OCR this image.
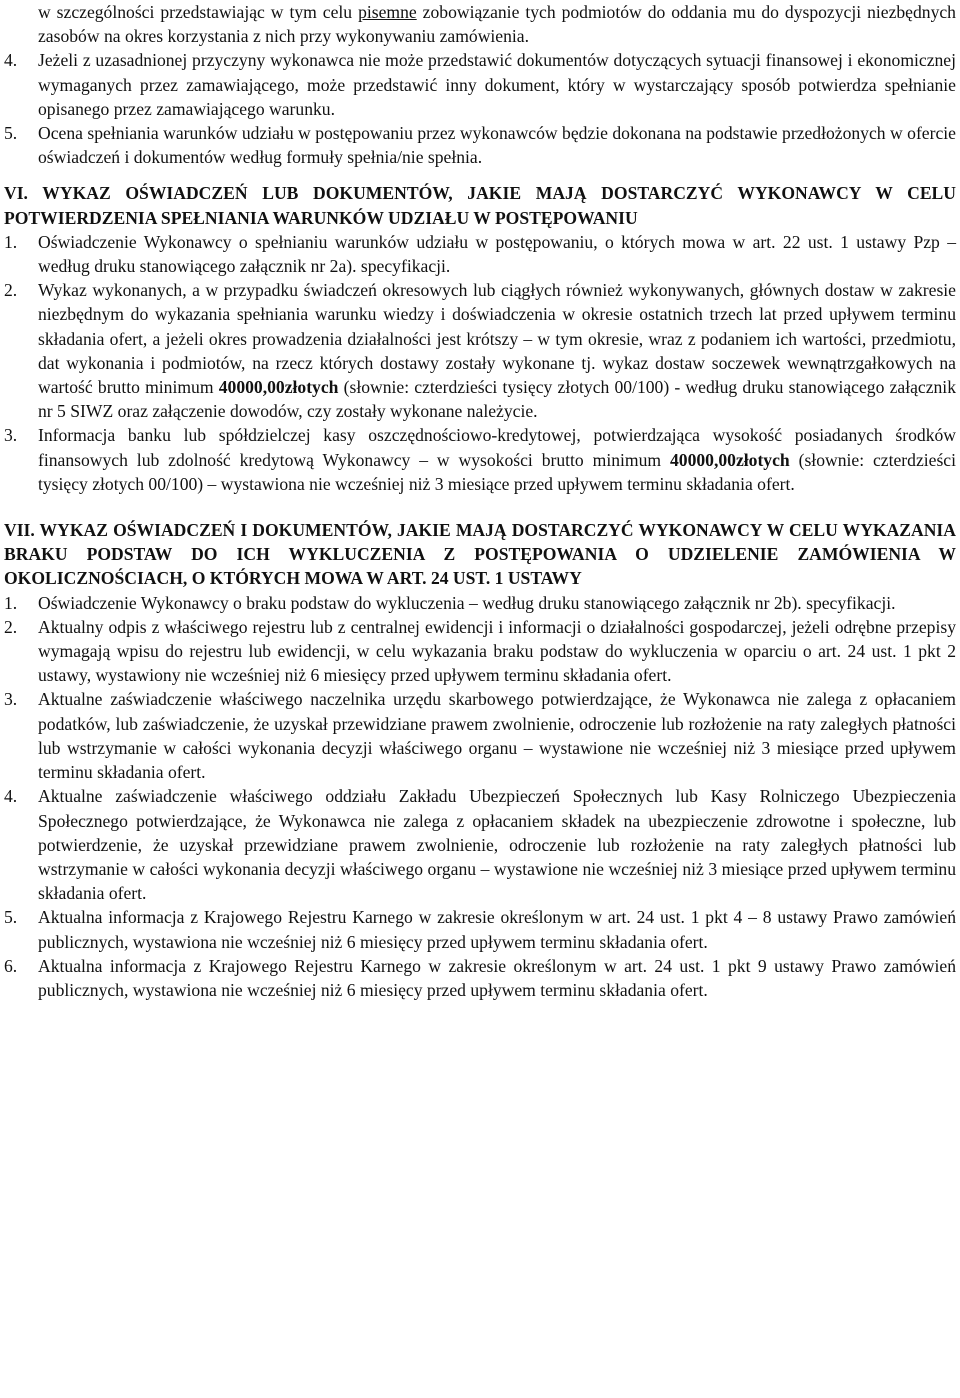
w szczególności przedstawiając w tym celu pisemne zobowiązanie tych podmiotów do oddania mu do dyspozycji niezbędnych zasobów na okres korzystania z nich przy wykonywaniu zamówienia.
4.	Jeżeli z uzasadnionej przyczyny wykonawca nie może przedstawić dokumentów dotyczących sytuacji finansowej i ekonomicznej wymaganych przez zamawiającego, może przedstawić inny dokument, który w wystarczający sposób potwierdza spełnianie opisanego przez zamawiającego warunku.
5.	Ocena spełniania warunków udziału w postępowaniu przez wykonawców będzie dokonana na podstawie przedłożonych w ofercie oświadczeń i dokumentów według formuły spełnia/nie spełnia.
VI. WYKAZ OŚWIADCZEŃ LUB DOKUMENTÓW, JAKIE MAJĄ DOSTARCZYĆ WYKONAWCY W CELU POTWIERDZENIA SPEŁNIANIA WARUNKÓW UDZIAŁU W POSTĘPOWANIU
1.	Oświadczenie Wykonawcy o spełnianiu warunków udziału w postępowaniu, o których mowa w art. 22 ust. 1 ustawy Pzp – według druku stanowiącego załącznik nr 2a). specyfikacji.
2.	Wykaz wykonanych, a w przypadku świadczeń okresowych lub ciągłych również wykonywanych, głównych dostaw w zakresie niezbędnym do wykazania spełniania warunku wiedzy i doświadczenia w okresie ostatnich trzech lat przed upływem terminu składania ofert, a jeżeli okres prowadzenia działalności jest krótszy – w tym okresie, wraz z podaniem ich wartości, przedmiotu, dat wykonania i podmiotów, na rzecz których dostawy zostały wykonane tj. wykaz dostaw soczewek wewnątrzgałkowych na wartość brutto minimum 40000,00złotych (słownie: czterdzieści tysięcy złotych 00/100) - według druku stanowiącego załącznik nr 5 SIWZ oraz załączenie dowodów, czy zostały wykonane należycie.
3.	Informacja banku lub spółdzielczej kasy oszczędnościowo-kredytowej, potwierdzająca wysokość posiadanych środków finansowych lub zdolność kredytową Wykonawcy – w wysokości brutto minimum 40000,00złotych (słownie: czterdzieści tysięcy złotych 00/100) – wystawiona nie wcześniej niż 3 miesiące przed upływem terminu składania ofert.
VII. WYKAZ OŚWIADCZEŃ I DOKUMENTÓW, JAKIE MAJĄ DOSTARCZYĆ WYKONAWCY W CELU WYKAZANIA BRAKU PODSTAW DO ICH WYKLUCZENIA Z POSTĘPOWANIA O UDZIELENIE ZAMÓWIENIA W OKOLICZNOŚCIACH, O KTÓRYCH MOWA W ART. 24 UST. 1 USTAWY
1.	Oświadczenie Wykonawcy o braku podstaw do wykluczenia – według druku stanowiącego załącznik nr 2b). specyfikacji.
2.	Aktualny odpis z właściwego rejestru lub z centralnej ewidencji i informacji o działalności gospodarczej, jeżeli odrębne przepisy wymagają wpisu do rejestru lub ewidencji, w celu wykazania braku podstaw do wykluczenia w oparciu o art. 24 ust. 1 pkt 2 ustawy, wystawiony nie wcześniej niż 6 miesięcy przed upływem terminu składania ofert.
3.	Aktualne zaświadczenie właściwego naczelnika urzędu skarbowego potwierdzające, że Wykonawca nie zalega z opłacaniem podatków, lub zaświadczenie, że uzyskał przewidziane prawem zwolnienie, odroczenie lub rozłożenie na raty zaległych płatności lub wstrzymanie w całości wykonania decyzji właściwego organu – wystawione nie wcześniej niż 3 miesiące przed upływem terminu składania ofert.
4.	Aktualne zaświadczenie właściwego oddziału Zakładu Ubezpieczeń Społecznych lub Kasy Rolniczego Ubezpieczenia Społecznego potwierdzające, że Wykonawca nie zalega z opłacaniem składek na ubezpieczenie zdrowotne i społeczne, lub potwierdzenie, że uzyskał przewidziane prawem zwolnienie, odroczenie lub rozłożenie na raty zaległych płatności lub wstrzymanie w całości wykonania decyzji właściwego organu – wystawione nie wcześniej niż 3 miesiące przed upływem terminu składania ofert.
5.	Aktualna informacja z Krajowego Rejestru Karnego w zakresie określonym w art. 24 ust. 1 pkt 4 – 8 ustawy Prawo zamówień publicznych, wystawiona nie wcześniej niż 6 miesięcy przed upływem terminu składania ofert.
6.	Aktualna informacja z Krajowego Rejestru Karnego w zakresie określonym w art. 24 ust. 1 pkt 9 ustawy Prawo zamówień publicznych, wystawiona nie wcześniej niż 6 miesięcy przed upływem terminu składania ofert.
